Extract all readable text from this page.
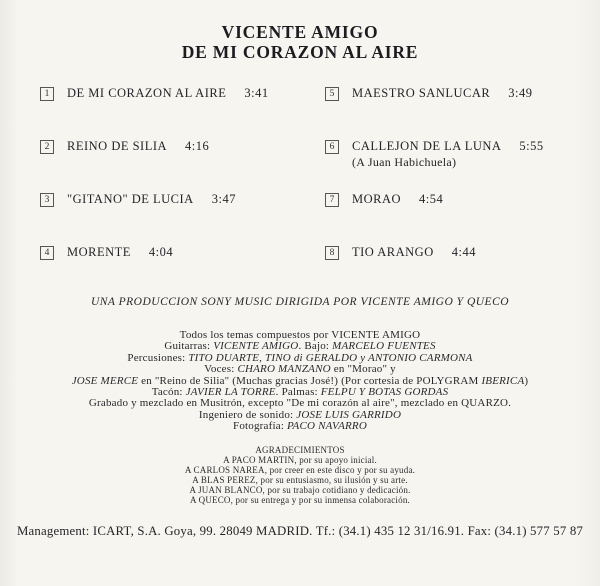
VICENTE AMIGO
DE MI CORAZON AL AIRE
1	DE MI CORAZON AL AIRE 3:41
2	REINO DE SILIA 4:16
3	"GITANO" DE LUCIA 3:47
4	MORENTE 4:04
5	MAESTRO SANLUCAR 3:49
6	CALLEJON DE LA LUNA 5:55
(A Juan Habichuela)
7	MORAO 4:54
8	TIO ARANGO 4:44
UNA PRODUCCION SONY MUSIC DIRIGIDA POR VICENTE AMIGO Y QUECO
Todos los temas compuestos por VICENTE AMIGO
Guitarras: VICENTE AMIGO. Bajo: MARCELO FUENTES
Percusiones: TITO DUARTE, TINO di GERALDO y ANTONIO CARMONA
Voces: CHARO MANZANO en "Morao" y
JOSE MERCE en "Reino de Silia" (Muchas gracias José!) (Por cortesia de POLYGRAM IBERICA)
Tacón: JAVIER LA TORRE. Palmas: FELPU Y BOTAS GORDAS
Grabado y mezclado en Musitrón, excepto "De mi corazón al aire", mezclado en QUARZO.
Ingeniero de sonido: JOSE LUIS GARRIDO
Fotografía: PACO NAVARRO
AGRADECIMIENTOS
A PACO MARTIN, por su apoyo inicial.
A CARLOS NAREA, por creer en este disco y por su ayuda.
A BLAS PEREZ, por su entusiasmo, su ilusión y su arte.
A JUAN BLANCO, por su trabajo cotidiano y dedicación.
A QUECO, por su entrega y por su inmensa colaboración.
Management: ICART, S.A. Goya, 99. 28049 MADRID. Tf.: (34.1) 435 12 31/16.91. Fax: (34.1) 577 57 87
